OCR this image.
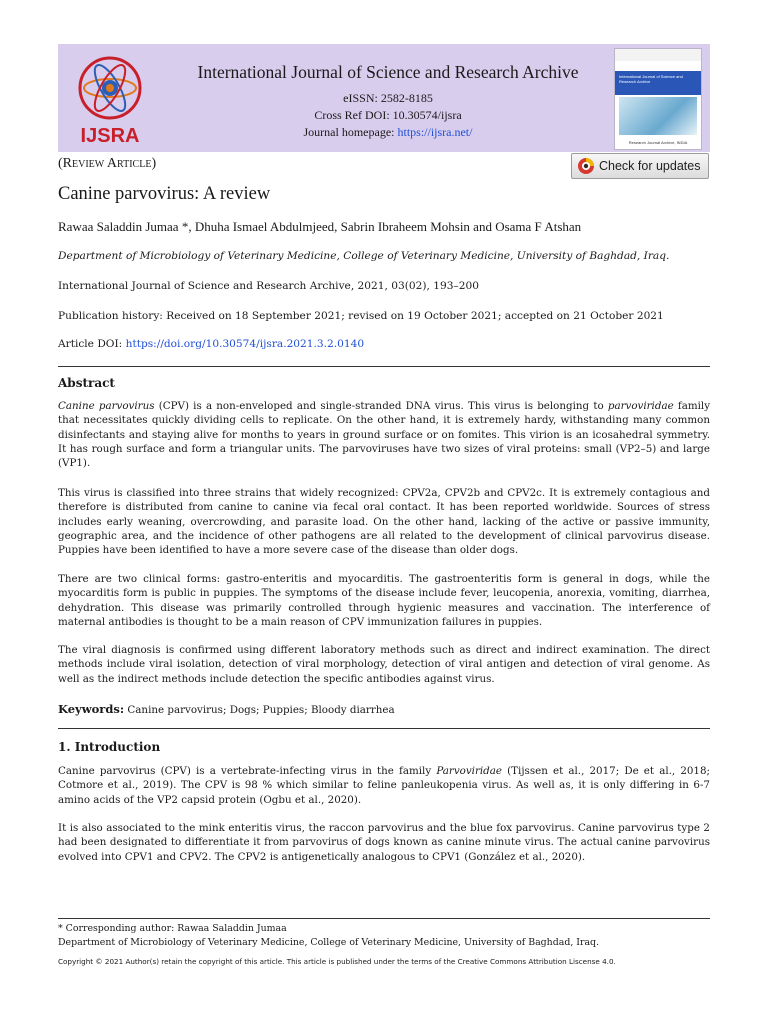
IJSRA
International Journal of Science and Research Archive
eISSN: 2582-8185
Cross Ref DOI: 10.30574/ijsra
Journal homepage: https://ijsra.net/
International Journal of Science and Research Archive
Research Journal Archive, INDIA
(Review Article)	Check for updates
Canine parvovirus: A review
Rawaa Saladdin Jumaa *, Dhuha Ismael Abdulmjeed, Sabrin Ibraheem Mohsin and Osama F Atshan
Department of Microbiology of Veterinary Medicine, College of Veterinary Medicine, University of Baghdad, Iraq.
International Journal of Science and Research Archive, 2021, 03(02), 193–200
Publication history: Received on 18 September 2021; revised on 19 October 2021; accepted on 21 October 2021
Article DOI: https://doi.org/10.30574/ijsra.2021.3.2.0140
Abstract

Canine parvovirus (CPV) is a non-enveloped and single-stranded DNA virus. This virus is belonging to parvoviridae family that necessitates quickly dividing cells to replicate. On the other hand, it is extremely hardy, withstanding many common disinfectants and staying alive for months to years in ground surface or on fomites. This virion is an icosahedral symmetry. It has rough surface and form a triangular units. The parvoviruses have two sizes of viral proteins: small (VP2–5) and large (VP1).

This virus is classified into three strains that widely recognized: CPV2a, CPV2b and CPV2c. It is extremely contagious and therefore is distributed from canine to canine via fecal oral contact. It has been reported worldwide. Sources of stress includes early weaning, overcrowding, and parasite load. On the other hand, lacking of the active or passive immunity, geographic area, and the incidence of other pathogens are all related to the development of clinical parvovirus disease. Puppies have been identified to have a more severe case of the disease than older dogs.

There are two clinical forms: gastro-enteritis and myocarditis. The gastroenteritis form is general in dogs, while the myocarditis form is public in puppies. The symptoms of the disease include fever, leucopenia, anorexia, vomiting, diarrhea, dehydration. This disease was primarily controlled through hygienic measures and vaccination. The interference of maternal antibodies is thought to be a main reason of CPV immunization failures in puppies.

The viral diagnosis is confirmed using different laboratory methods such as direct and indirect examination. The direct methods include viral isolation, detection of viral morphology, detection of viral antigen and detection of viral genome. As well as the indirect methods include detection the specific antibodies against virus.

Keywords: Canine parvovirus; Dogs; Puppies; Bloody diarrhea
1. Introduction

Canine parvovirus (CPV) is a vertebrate-infecting virus in the family Parvoviridae (Tijssen et al., 2017; De et al., 2018; Cotmore et al., 2019). The CPV is 98 % which similar to feline panleukopenia virus. As well as, it is only differing in 6-7 amino acids of the VP2 capsid protein (Ogbu et al., 2020).

It is also associated to the mink enteritis virus, the raccon parvovirus and the blue fox parvovirus. Canine parvovirus type 2 had been designated to differentiate it from parvovirus of dogs known as canine minute virus. The actual canine parvovirus evolved into CPV1 and CPV2. The CPV2 is antigenetically analogous to CPV1 (González et al., 2020).

* Corresponding author: Rawaa Saladdin Jumaa
Department of Microbiology of Veterinary Medicine, College of Veterinary Medicine, University of Baghdad, Iraq.
Copyright © 2021 Author(s) retain the copyright of this article. This article is published under the terms of the Creative Commons Attribution Liscense 4.0.
